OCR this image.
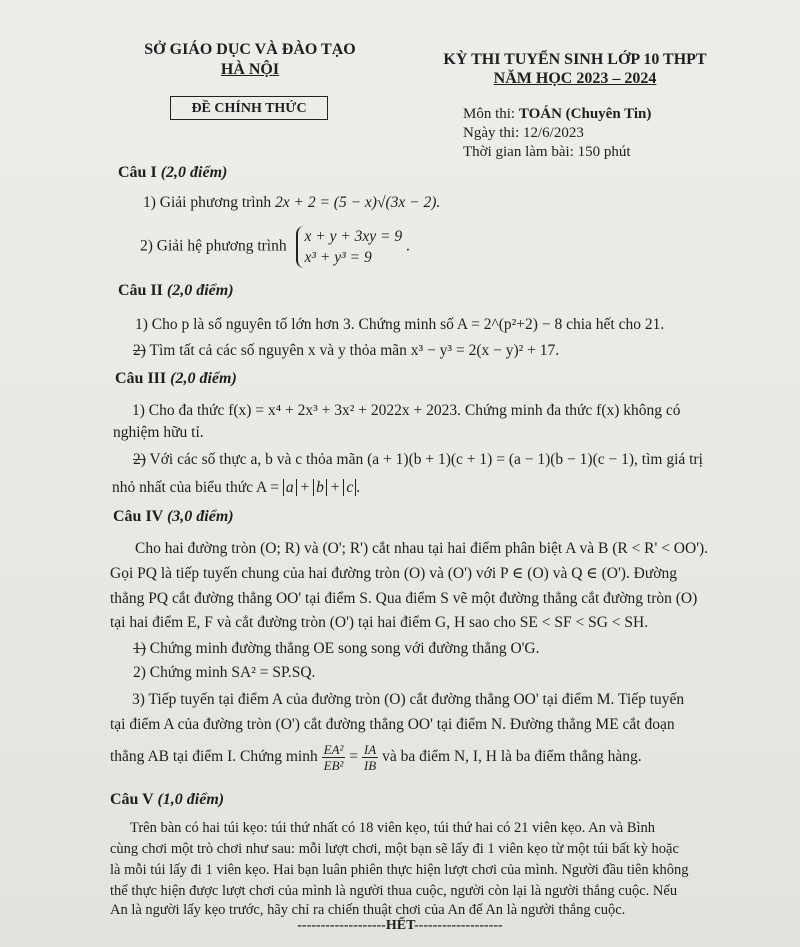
SỞ GIÁO DỤC VÀ ĐÀO TẠO
HÀ NỘI
ĐỀ CHÍNH THỨC
KỲ THI TUYỂN SINH LỚP 10 THPT
NĂM HỌC 2023 – 2024
Môn thi: TOÁN (Chuyên Tin)
Ngày thi: 12/6/2023
Thời gian làm bài: 150 phút
Câu I (2,0 điểm)
1) Giải phương trình 2x + 2 = (5 − x)√(3x − 2).
2) Giải hệ phương trình
x + y + 3xy = 9
x³ + y³ = 9
.
Câu II (2,0 điểm)
1) Cho p là số nguyên tố lớn hơn 3. Chứng minh số A = 2^(p²+2) − 8 chia hết cho 21.
2) Tìm tất cả các số nguyên x và y thỏa mãn x³ − y³ = 2(x − y)² + 17.
Câu III (2,0 điểm)
1) Cho đa thức f(x) = x⁴ + 2x³ + 3x² + 2022x + 2023. Chứng minh đa thức f(x) không có
nghiệm hữu tỉ.
2) Với các số thực a, b và c thỏa mãn (a + 1)(b + 1)(c + 1) = (a − 1)(b − 1)(c − 1), tìm giá trị
nhỏ nhất của biểu thức A = a + b + c .
Câu IV (3,0 điểm)
Cho hai đường tròn (O; R) và (O'; R') cắt nhau tại hai điểm phân biệt A và B (R < R' < OO').
Gọi PQ là tiếp tuyến chung của hai đường tròn (O) và (O') với P ∈ (O) và Q ∈ (O'). Đường
thẳng PQ cắt đường thẳng OO' tại điểm S. Qua điểm S vẽ một đường thẳng cắt đường tròn (O)
tại hai điểm E, F và cắt đường tròn (O') tại hai điểm G, H sao cho SE < SF < SG < SH.
1) Chứng minh đường thẳng OE song song với đường thẳng O'G.
2) Chứng minh SA² = SP.SQ.
3) Tiếp tuyến tại điểm A của đường tròn (O) cắt đường thẳng OO' tại điểm M. Tiếp tuyến
tại điểm A của đường tròn (O') cắt đường thẳng OO' tại điểm N. Đường thẳng ME cắt đoạn
thẳng AB tại điểm I. Chứng minh $\frac{\text{EA²}}{\text{EB²}} = \frac{IA}{IB}$ và ba điểm N, I, H là ba điểm thẳng hàng.
Câu V (1,0 điểm)
Trên bàn có hai túi kẹo: túi thứ nhất có 18 viên kẹo, túi thứ hai có 21 viên kẹo. An và Bình
cùng chơi một trò chơi như sau: mỗi lượt chơi, một bạn sẽ lấy đi 1 viên kẹo từ một túi bất kỳ hoặc
là mỗi túi lấy đi 1 viên kẹo. Hai bạn luân phiên thực hiện lượt chơi của mình. Người đầu tiên không
thể thực hiện được lượt chơi của mình là người thua cuộc, người còn lại là người thắng cuộc. Nếu
An là người lấy kẹo trước, hãy chỉ ra chiến thuật chơi của An để An là người thắng cuộc.
-------------------HẾT-------------------
